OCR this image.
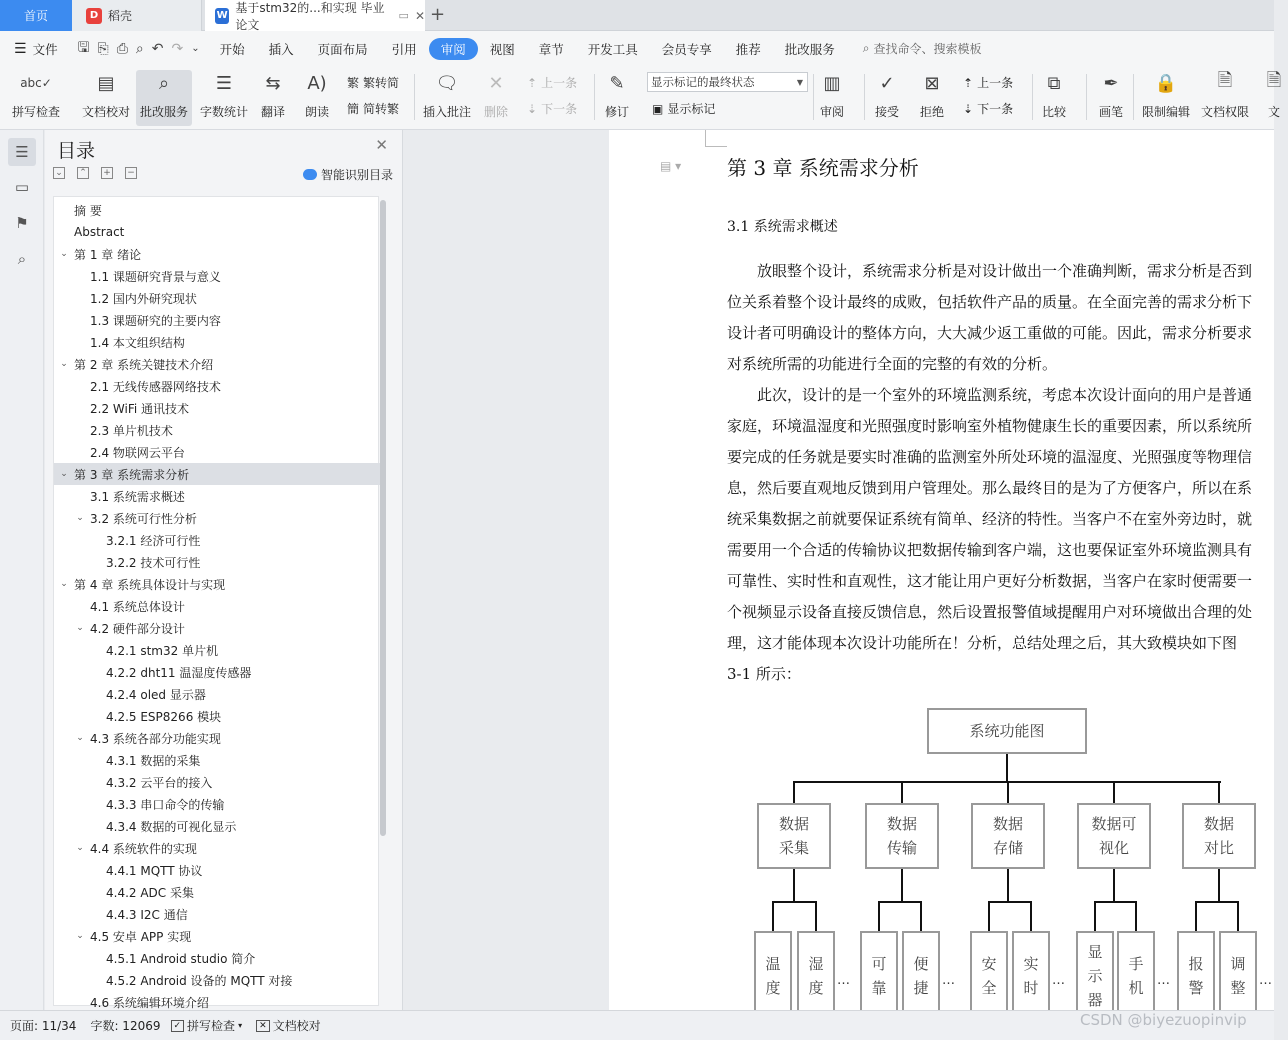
首页	D 稻壳	W
基于stm32的...和实现 毕业论文
▭ ✕ +
☰ 文件 🖫 ⎘ ⎙ ⌕ ↶ ↷ ⌄	开始	插入	页面布局	引用	审阅	视图	章节	开发工具	会员专享	推荐	批改服务	⌕ 查找命令、搜索模板
abc✓
拼写检查
▤
文档校对
⌕
批改服务
☰
字数统计
⇆
翻译
A)
朗读
繁 繁转简
簡 简转繁
🗨
插入批注
✕
删除
⇡ 上一条
⇣ 下一条
✎
修订 ▣ 显示标记
▥
审阅
✓
接受
⊠
拒绝
⇡ 上一条
⇣ 下一条
⧉
比较
✒
画笔
🔒
限制编辑
🗎
文档权限
🗎
文
显示标记的最终状态	▼
☰
▭
⚑
⌕
目录	✕
⌄ ⌃ + −	智能识别目录
摘 要
Abstract
⌄ 第 1 章 绪论
1.1 课题研究背景与意义
1.2 国内外研究现状
1.3 课题研究的主要内容
1.4 本文组织结构
⌄ 第 2 章 系统关键技术介绍
2.1 无线传感器网络技术
2.2 WiFi 通讯技术
2.3 单片机技术
2.4 物联网云平台
⌄ 第 3 章 系统需求分析
3.1 系统需求概述
⌄ 3.2 系统可行性分析
3.2.1 经济可行性
3.2.2 技术可行性
⌄ 第 4 章 系统具体设计与实现
4.1 系统总体设计
⌄ 4.2 硬件部分设计
4.2.1 stm32 单片机
4.2.2 dht11 温湿度传感器
4.2.4 oled 显示器
4.2.5 ESP8266 模块
⌄ 4.3 系统各部分功能实现
4.3.1 数据的采集
4.3.2 云平台的接入
4.3.3 串口命令的传输
4.3.4 数据的可视化显示
⌄ 4.4 系统软件的实现
4.4.1 MQTT 协议
4.4.2 ADC 采集
4.4.3 I2C 通信
⌄ 4.5 安卓 APP 实现
4.5.1 Android studio 简介
4.5.2 Android 设备的 MQTT 对接
4.6 系统编辑环境介绍
▤ ▾ 第 3 章 系统需求分析
3.1 系统需求概述
　　放眼整个设计，系统需求分析是对设计做出一个准确判断，需求分析是否到
位关系着整个设计最终的成败，包括软件产品的质量。在全面完善的需求分析下
设计者可明确设计的整体方向，大大减少返工重做的可能。因此，需求分析要求
对系统所需的功能进行全面的完整的有效的分析。
　　此次，设计的是一个室外的环境监测系统，考虑本次设计面向的用户是普通
家庭，环境温湿度和光照强度时影响室外植物健康生长的重要因素，所以系统所
要完成的任务就是要实时准确的监测室外所处环境的温湿度、光照强度等物理信
息，然后要直观地反馈到用户管理处。那么最终目的是为了方便客户，所以在系
统采集数据之前就要保证系统有简单、经济的特性。当客户不在室外旁边时，就
需要用一个合适的传输协议把数据传输到客户端，这也要保证室外环境监测具有
可靠性、实时性和直观性，这才能让用户更好分析数据，当客户在家时便需要一
个视频显示设备直接反馈信息，然后设置报警值域提醒用户对环境做出合理的处
理，这才能体现本次设计功能所在！分析，总结处理之后，其大致模块如下图
3-1 所示：
系统功能图
数据
采集
温
度
湿
度	…
数据
传输
可
靠
便
捷	…
数据
存储
安
全
实
时	…
数据可
视化
显
示
器
手
机	…
数据
对比
报
警
调
整	…
页面: 11/34 字数: 12069	✓ 拼写检查 ▾	✕ 文档校对	CSDN @biyezuopinvip
